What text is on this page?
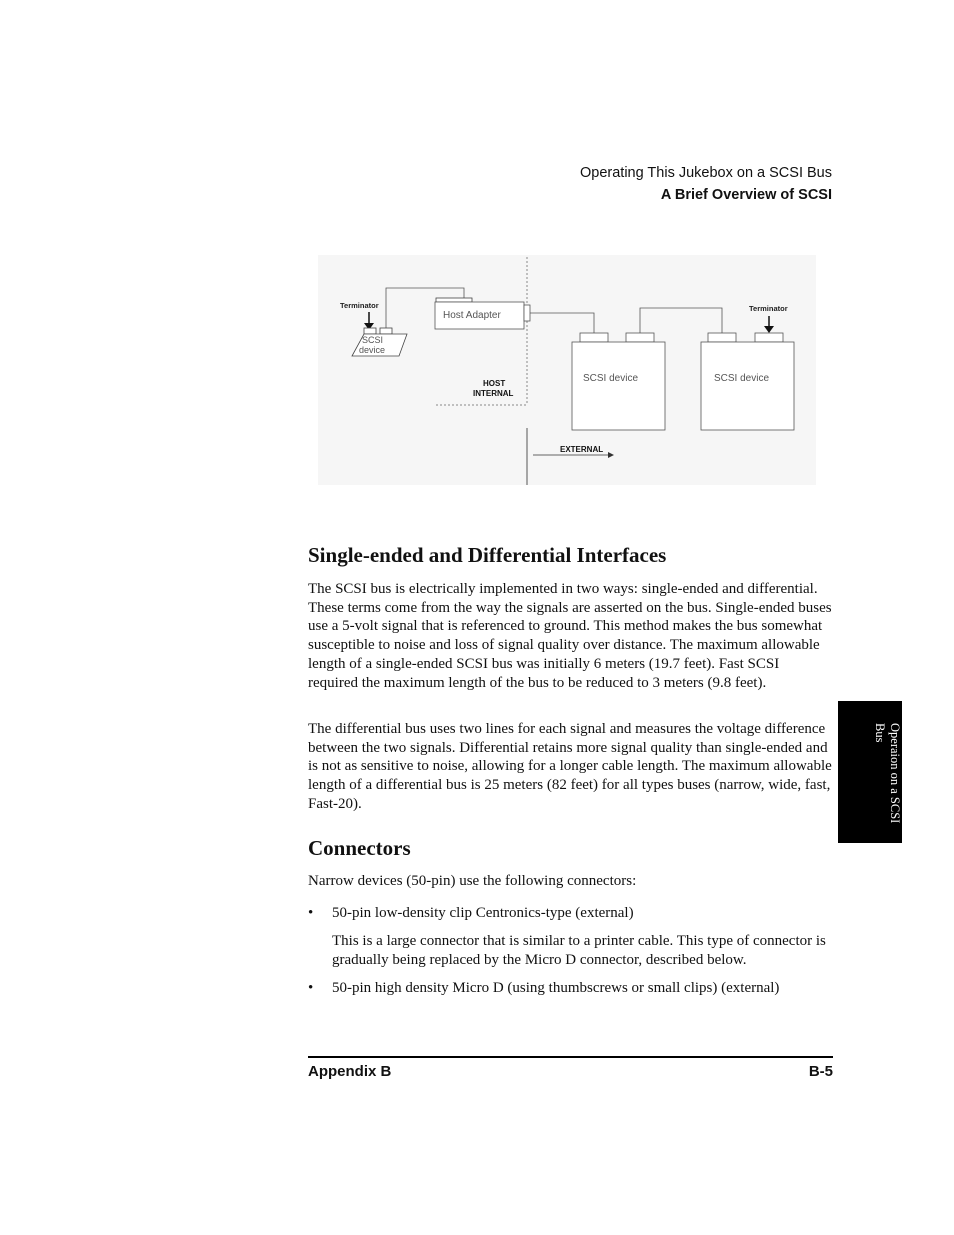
Operating This Jukebox on a SCSI Bus
A Brief Overview of SCSI
Terminator
SCSI
device
Host Adapter
HOST
INTERNAL
SCSI device	SCSI device
Terminator
EXTERNAL
Single-ended and Differential Interfaces

The SCSI bus is electrically implemented in two ways: single-ended and differential. These terms come from the way the signals are asserted on the bus. Single-ended buses use a 5-volt signal that is referenced to ground. This method makes the bus somewhat susceptible to noise and loss of signal quality over distance. The maximum allowable length of a single-ended SCSI bus was initially 6 meters (19.7 feet). Fast SCSI required the maximum length of the bus to be reduced to 3 meters (9.8 feet).

The differential bus uses two lines for each signal and measures the voltage difference between the two signals. Differential retains more signal quality than single-ended and is not as sensitive to noise, allowing for a longer cable length. The maximum allowable length of a differential bus is 25 meters (82 feet) for all types buses (narrow, wide, fast, Fast-20).

Connectors

Narrow devices (50-pin) use the following connectors:

• 50-pin low-density clip Centronics-type (external)

This is a large connector that is similar to a printer cable. This type of connector is gradually being replaced by the Micro D connector, described below.

• 50-pin high density Micro D (using thumbscrews or small clips) (external)
Operaion on a SCSI Bus
Appendix B	B-5
